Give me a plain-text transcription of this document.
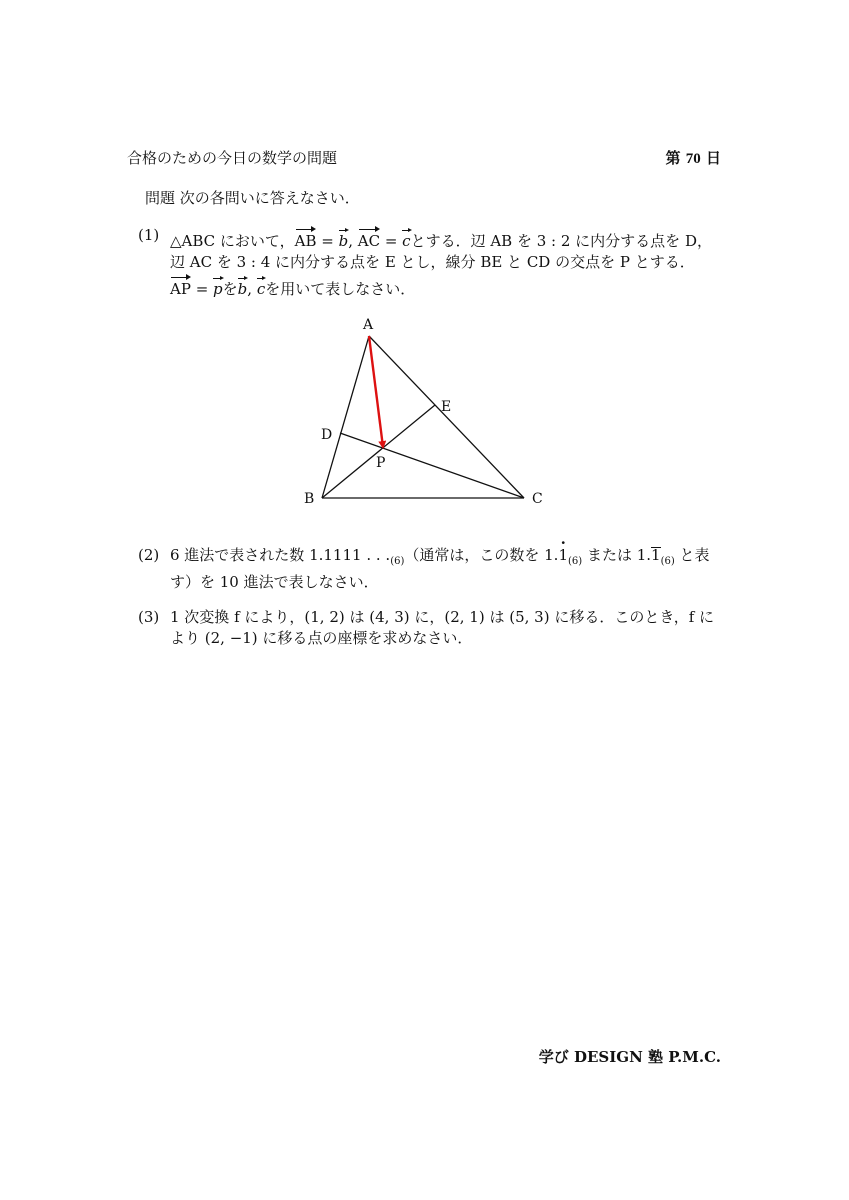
合格のための今日の数学の問題	第 70 日
問題 次の各問いに答えなさい．
(1) △ABC において，AB = b, AC = cとする．辺 AB を 3 : 2 に内分する点を D，辺 AC を 3 : 4 に内分する点を E とし，線分 BE と CD の交点を P とする．
AP = pをb, cを用いて表しなさい．
A
B	C
D
E
P
(2) 6 進法で表された数 1.1111 . . $._{(6)}$（通常は，この数を $1.\cdot 1_{(6)}$ または $1.1_{(6)}$ と表す）を 10 進法で表しなさい．
(3) 1 次変換 f により，(1, 2) は (4, 3) に，(2, 1) は (5, 3) に移る．このとき，f により (2, −1) に移る点の座標を求めなさい．
学び DESIGN 塾 P.M.C.
